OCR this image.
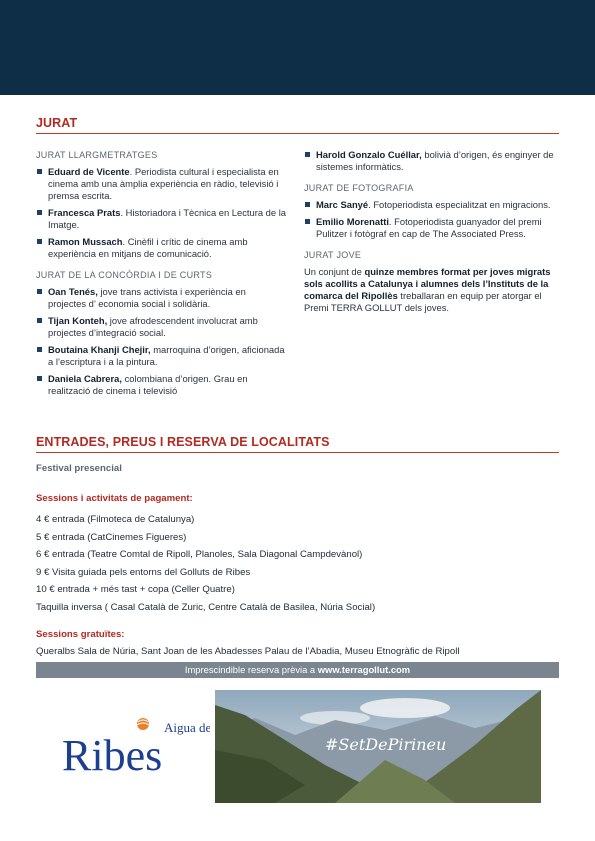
JURAT
JURAT LLARGMETRATGES
Eduard de Vicente. Periodista cultural i especialista en cinema amb una àmplia experiència en ràdio, televisió i premsa escrita.
Francesca Prats. Historiadora i Tècnica en Lectura de la Imatge.
Ramon Mussach. Cinèfil i crític de cinema amb experiència en mitjans de comunicació.
JURAT DE LA CONCÒRDIA I DE CURTS
Oan Tenés, jove trans activista i experiència en projectes d’ economia social i solidària.
Tijan Konteh, jove afrodescendent involucrat amb projectes d’integració social.
Boutaina Khanji Chejir, marroquina d’origen, aficionada a l’escriptura i a la pintura.
Daniela Cabrera, colombiana d’origen. Grau en realització de cinema i televisió
Harold Gonzalo Cuéllar, bolivià d’origen, és enginyer de sistemes informàtics.
JURAT DE FOTOGRAFIA
Marc Sanyé. Fotoperiodista especialitzat en migracions.
Emilio Morenatti. Fotoperiodista guanyador del premi Pulitzer i fotògraf en cap de The Associated Press.
JURAT JOVE
Un conjunt de quinze membres format per joves migrats sols acollits a Catalunya i alumnes dels l’Instituts de la comarca del Ripollès treballaran en equip per atorgar el Premi TERRA GOLLUT dels joves.
ENTRADES, PREUS I RESERVA DE LOCALITATS
Festival presencial
Sessions i activitats de pagament:
4 € entrada (Filmoteca de Catalunya)
5 € entrada (CatCinemes Figueres)
6 € entrada (Teatre Comtal de Ripoll, Planoles, Sala Diagonal Campdevànol)
9 € Visita guiada pels entorns del Golluts de Ribes
10 € entrada + més tast + copa (Celler Quatre)
Taquilla inversa ( Casal Català de Zuric, Centre Català de Basilea, Núria Social)
Sessions gratuïtes:
Queralbs Sala de Núria, Sant Joan de les Abadesses Palau de l’Abadia, Museu Etnogràfic de Ripoll
Imprescindible reserva prèvia a www.terragollut.com
Aigua de
Ribes	#SetDePirineu
